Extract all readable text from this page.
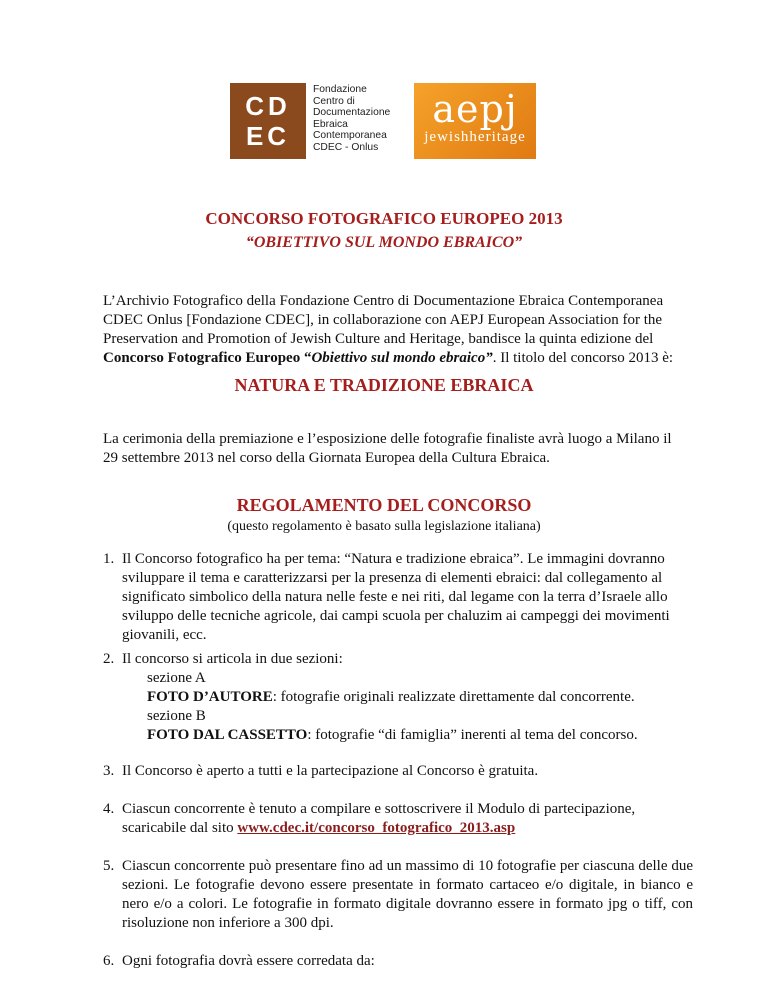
CD
EC
Fondazione
Centro di
Documentazione
Ebraica
Contemporanea
CDEC - Onlus
aepj
jewishheritage
CONCORSO FOTOGRAFICO EUROPEO 2013
“OBIETTIVO SUL MONDO EBRAICO”
L’Archivio Fotografico della Fondazione Centro di Documentazione Ebraica Contemporanea CDEC Onlus [Fondazione CDEC], in collaborazione con AEPJ European Association for the Preservation and Promotion of Jewish Culture and Heritage, bandisce la quinta edizione del Concorso Fotografico Europeo “Obiettivo sul mondo ebraico”. Il titolo del concorso 2013 è:
NATURA E TRADIZIONE EBRAICA
La cerimonia della premiazione e l’esposizione delle fotografie finaliste avrà luogo a Milano il 29 settembre 2013 nel corso della Giornata Europea della Cultura Ebraica.
REGOLAMENTO DEL CONCORSO
(questo regolamento è basato sulla legislazione italiana)
1. Il Concorso fotografico ha per tema: “Natura e tradizione ebraica”. Le immagini dovranno sviluppare il tema e caratterizzarsi per la presenza di elementi ebraici: dal collegamento al significato simbolico della natura nelle feste e nei riti, dal legame con la terra d’Israele allo sviluppo delle tecniche agricole, dai campi scuola per chaluzim ai campeggi dei movimenti giovanili, ecc.
2. Il concorso si articola in due sezioni:
sezione A
FOTO D’AUTORE: fotografie originali realizzate direttamente dal concorrente.
sezione B
FOTO DAL CASSETTO: fotografie “di famiglia” inerenti al tema del concorso.
3. Il Concorso è aperto a tutti e la partecipazione al Concorso è gratuita.
4. Ciascun concorrente è tenuto a compilare e sottoscrivere il Modulo di partecipazione, scaricabile dal sito www.cdec.it/concorso_fotografico_2013.asp
5. Ciascun concorrente può presentare fino ad un massimo di 10 fotografie per ciascuna delle due sezioni. Le fotografie devono essere presentate in formato cartaceo e/o digitale, in bianco e nero e/o a colori. Le fotografie in formato digitale dovranno essere in formato jpg o tiff, con risoluzione non inferiore a 300 dpi.
6. Ogni fotografia dovrà essere corredata da:
